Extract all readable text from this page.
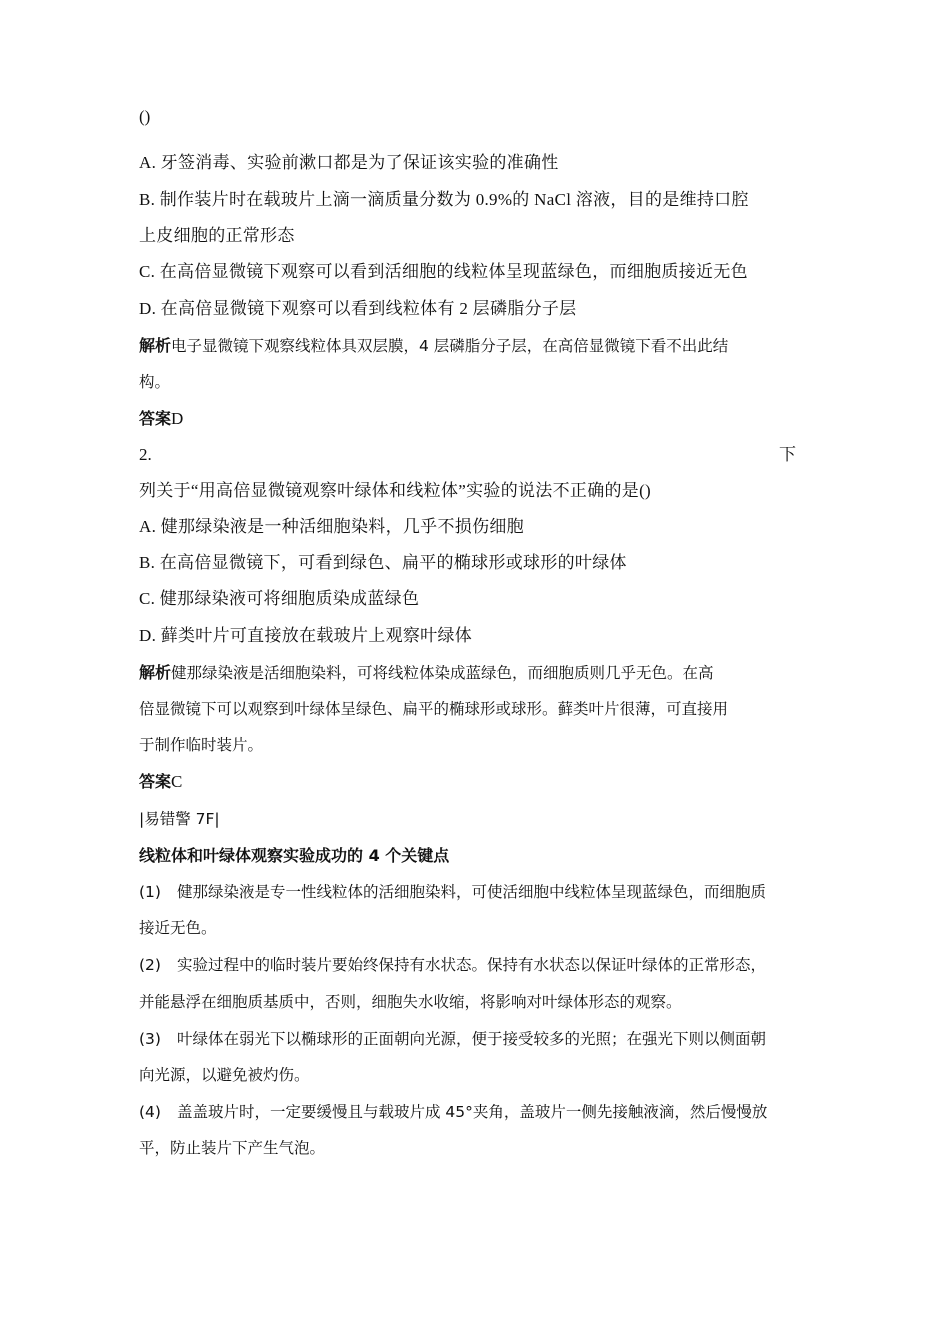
()
A. 牙签消毒、实验前漱口都是为了保证该实验的准确性
B. 制作装片时在载玻片上滴一滴质量分数为 0.9%的 NaCl 溶液，目的是维持口腔
上皮细胞的正常形态
C. 在高倍显微镜下观察可以看到活细胞的线粒体呈现蓝绿色，而细胞质接近无色
D. 在高倍显微镜下观察可以看到线粒体有 2 层磷脂分子层
解析电子显微镜下观察线粒体具双层膜，4 层磷脂分子层，在高倍显微镜下看不出此结
构。
答案D
2.	下
列关于“用高倍显微镜观察叶绿体和线粒体”实验的说法不正确的是()
A. 健那绿染液是一种活细胞染料，几乎不损伤细胞
B. 在高倍显微镜下，可看到绿色、扁平的椭球形或球形的叶绿体
C. 健那绿染液可将细胞质染成蓝绿色
D. 藓类叶片可直接放在载玻片上观察叶绿体
解析健那绿染液是活细胞染料，可将线粒体染成蓝绿色，而细胞质则几乎无色。在高
倍显微镜下可以观察到叶绿体呈绿色、扁平的椭球形或球形。藓类叶片很薄，可直接用
于制作临时装片。
答案C
|易错警 7F|
线粒体和叶绿体观察实验成功的 4 个关键点
(1) 健那绿染液是专一性线粒体的活细胞染料，可使活细胞中线粒体呈现蓝绿色，而细胞质
接近无色。
(2) 实验过程中的临时装片要始终保持有水状态。保持有水状态以保证叶绿体的正常形态，
并能悬浮在细胞质基质中，否则，细胞失水收缩，将影响对叶绿体形态的观察。
(3) 叶绿体在弱光下以椭球形的正面朝向光源，便于接受较多的光照；在强光下则以侧面朝
向光源，以避免被灼伤。
(4) 盖盖玻片时，一定要缓慢且与载玻片成 45°夹角，盖玻片一侧先接触液滴，然后慢慢放
平，防止装片下产生气泡。
